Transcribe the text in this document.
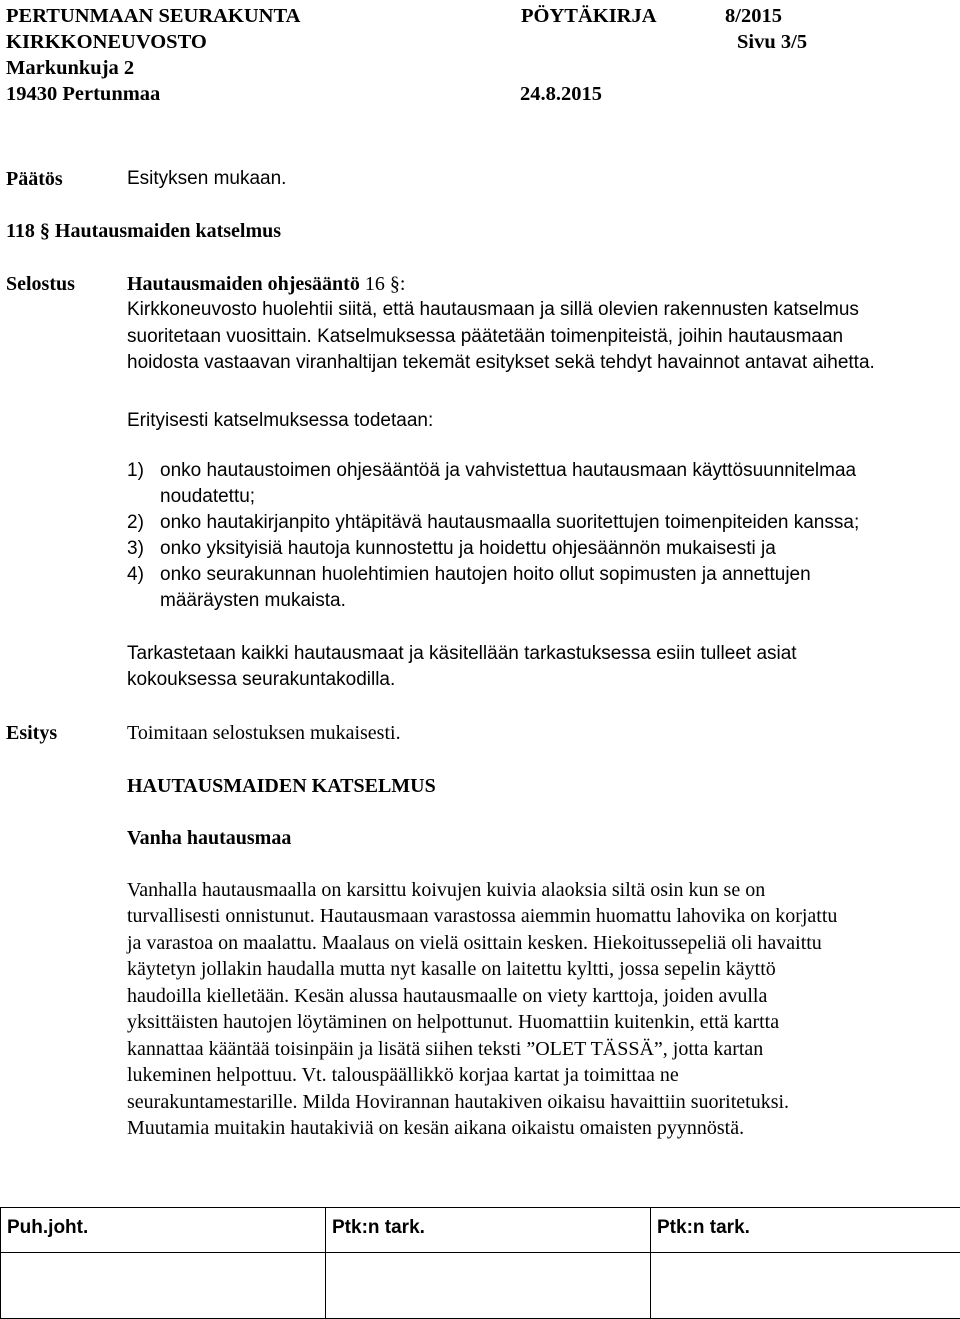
PERTUNMAAN SEURAKUNTA	PÖYTÄKIRJA	8/2015
KIRKKONEUVOSTO	Sivu 3/5
Markunkuja 2
19430 Pertunmaa	24.8.2015
Päätös	Esityksen mukaan.
118 § Hautausmaiden katselmus
Selostus	Hautausmaiden ohjesääntö 16 §:
Kirkkoneuvosto huolehtii siitä, että hautausmaan ja sillä olevien rakennusten katselmus
suoritetaan vuosittain. Katselmuksessa päätetään toimenpiteistä, joihin hautausmaan
hoidosta vastaavan viranhaltijan tekemät esitykset sekä tehdyt havainnot antavat aihetta.
Erityisesti katselmuksessa todetaan:
1) onko hautaustoimen ohjesääntöä ja vahvistettua hautausmaan käyttösuunnitelmaa
noudatettu;
2) onko hautakirjanpito yhtäpitävä hautausmaalla suoritettujen toimenpiteiden kanssa;
3) onko yksityisiä hautoja kunnostettu ja hoidettu ohjesäännön mukaisesti ja
4) onko seurakunnan huolehtimien hautojen hoito ollut sopimusten ja annettujen
määräysten mukaista.
Tarkastetaan kaikki hautausmaat ja käsitellään tarkastuksessa esiin tulleet asiat
kokouksessa seurakuntakodilla.
Esitys	Toimitaan selostuksen mukaisesti.
HAUTAUSMAIDEN KATSELMUS
Vanha hautausmaa
Vanhalla hautausmaalla on karsittu koivujen kuivia alaoksia siltä osin kun se on
turvallisesti onnistunut. Hautausmaan varastossa aiemmin huomattu lahovika on korjattu
ja varastoa on maalattu. Maalaus on vielä osittain kesken. Hiekoitussepeliä oli havaittu
käytetyn jollakin haudalla mutta nyt kasalle on laitettu kyltti, jossa sepelin käyttö
haudoilla kielletään. Kesän alussa hautausmaalle on viety karttoja, joiden avulla
yksittäisten hautojen löytäminen on helpottunut. Huomattiin kuitenkin, että kartta
kannattaa kääntää toisinpäin ja lisätä siihen teksti ”OLET TÄSSÄ”, jotta kartan
lukeminen helpottuu. Vt. talouspäällikkö korjaa kartat ja toimittaa ne
seurakuntamestarille. Milda Hovirannan hautakiven oikaisu havaittiin suoritetuksi.
Muutamia muitakin hautakiviä on kesän aikana oikaistu omaisten pyynnöstä.
Puh.joht.	Ptk:n tark.	Ptk:n tark.
